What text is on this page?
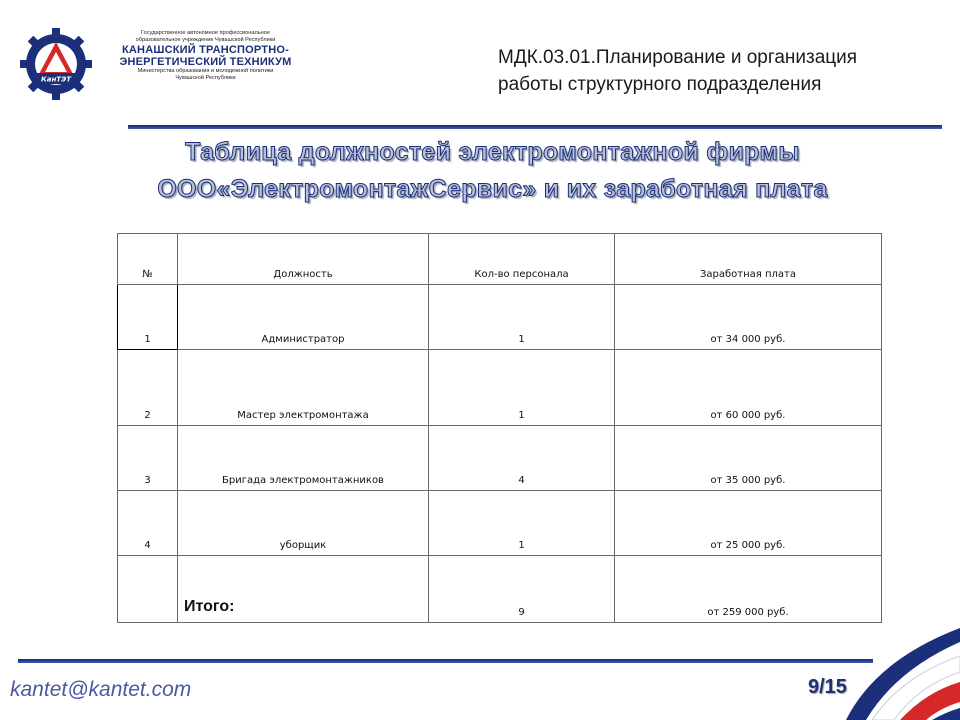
КанТЭТ
Государственное автономное профессиональное
образовательное учреждение Чувашской Республики
КАНАШСКИЙ ТРАНСПОРТНО-
ЭНЕРГЕТИЧЕСКИЙ ТЕХНИКУМ
Министерства образования и молодежной политики
Чувашской Республики
МДК.03.01.Планирование и организация
работы структурного подразделения
Таблица должностей электромонтажной фирмы
ООО«ЭлектромонтажСервис» и их заработная плата
№	Должность	Кол-во персонала	Заработная плата
1	Администратор	1	от 34 000 руб.
2	Мастер электромонтажа	1	от 60 000 руб.
3	Бригада электромонтажников	4	от 35 000 руб.
4	уборщик	1	от 25 000 руб.
	Итого:	9	от 259 000 руб.
kantet@kantet.com	9/15
